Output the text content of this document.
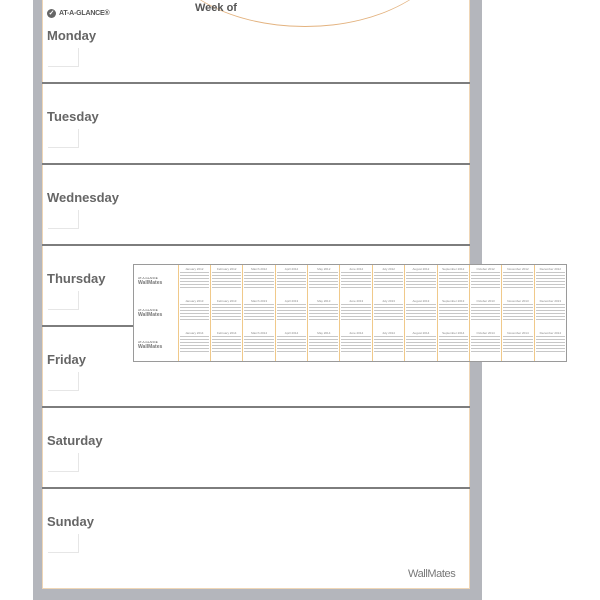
Week of
✓ AT-A-GLANCE®
Monday
Tuesday
Wednesday
Thursday
Friday
Saturday
Sunday
WallMates
AT-A-GLANCE
WallMates
January 2012	February 2012	March 2012	April 2012	May 2012	June 2012	July 2012	August 2012	September 2012	October 2012	November 2012	December 2012
AT-A-GLANCE
WallMates
January 2013	February 2013	March 2013	April 2013	May 2013	June 2013	July 2013	August 2013	September 2013	October 2013	November 2013	December 2013
AT-A-GLANCE
WallMates
January 2014	February 2014	March 2014	April 2014	May 2014	June 2014	July 2014	August 2014	September 2014	October 2014	November 2014	December 2014
